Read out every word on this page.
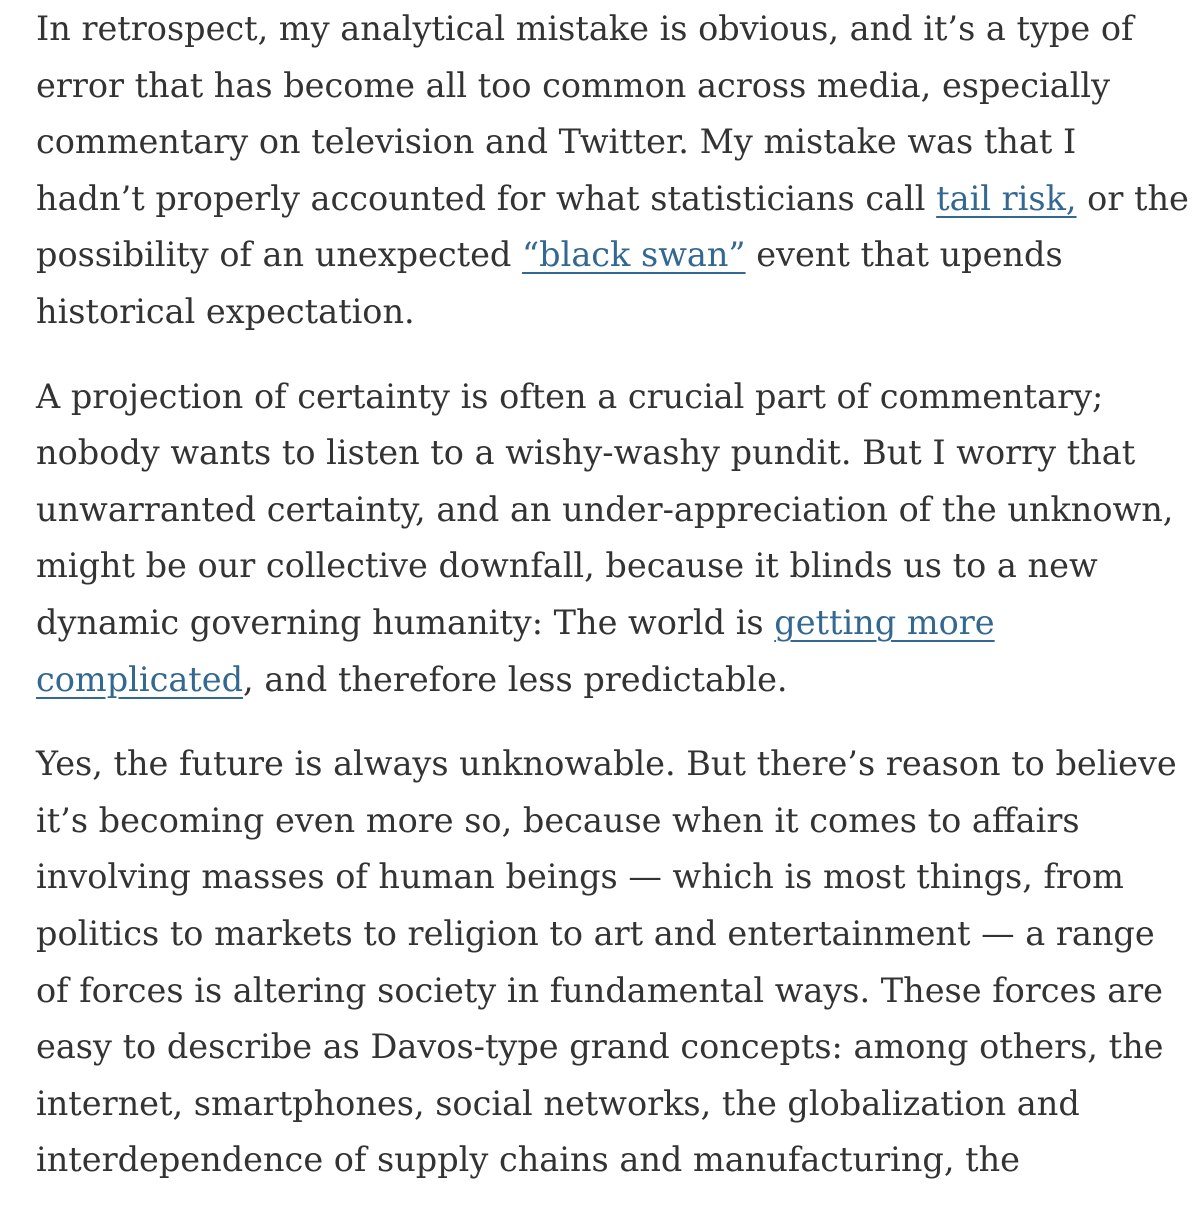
In retrospect, my analytical mistake is obvious, and it’s a type of
error that has become all too common across media, especially
commentary on television and Twitter. My mistake was that I
hadn’t properly accounted for what statisticians call tail risk, or the
possibility of an unexpected “black swan” event that upends
historical expectation.

A projection of certainty is often a crucial part of commentary;
nobody wants to listen to a wishy-washy pundit. But I worry that
unwarranted certainty, and an under-appreciation of the unknown,
might be our collective downfall, because it blinds us to a new
dynamic governing humanity: The world is getting more
complicated, and therefore less predictable.

Yes, the future is always unknowable. But there’s reason to believe
it’s becoming even more so, because when it comes to affairs
involving masses of human beings — which is most things, from
politics to markets to religion to art and entertainment — a range
of forces is altering society in fundamental ways. These forces are
easy to describe as Davos-type grand concepts: among others, the
internet, smartphones, social networks, the globalization and
interdependence of supply chains and manufacturing, the
